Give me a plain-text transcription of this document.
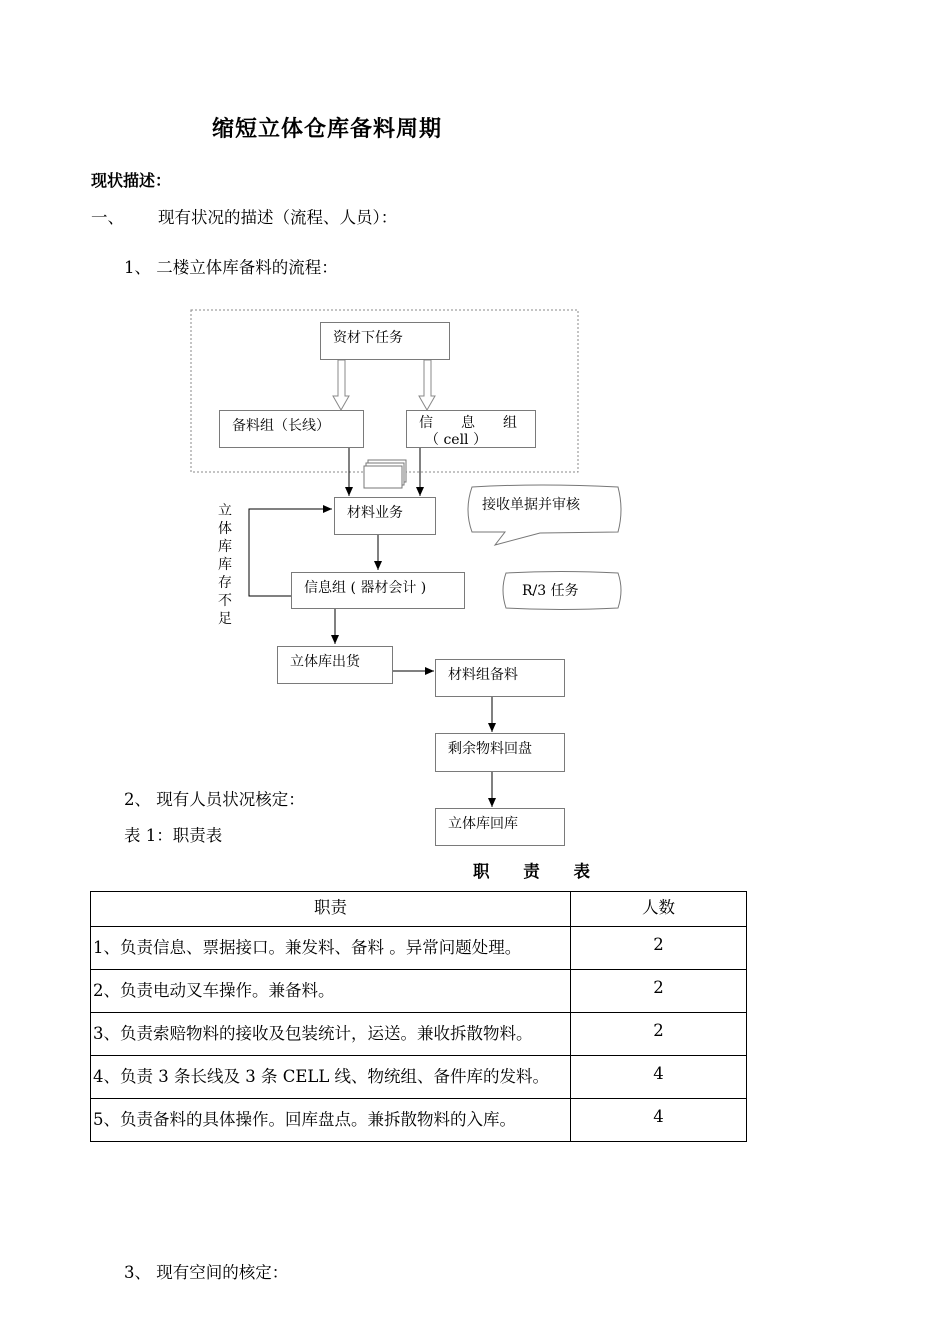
缩短立体仓库备料周期
现状描述：
一、 现有状况的描述（流程、人员）：
1、 二楼立体库备料的流程：
资材下任务
备料组（长线）	信　　息　　组
（ cell ）
材料业务
信息组 ( 器材会计 )
立体库出货
材料组备料
剩余物料回盘
立体库回库
接收单据并审核
R/3 任务
立
体
库
库
存
不
足
2、 现有人员状况核定：
表 1：职责表
职 责 表
职责	人数
1、负责信息、票据接口。兼发料、备料 。异常问题处理。	2
2、负责电动叉车操作。兼备料。	2
3、负责索赔物料的接收及包装统计，运送。兼收拆散物料。	2
4、负责 3 条长线及 3 条 CELL 线、物统组、备件库的发料。	4
5、负责备料的具体操作。回库盘点。兼拆散物料的入库。	4
3、 现有空间的核定：
